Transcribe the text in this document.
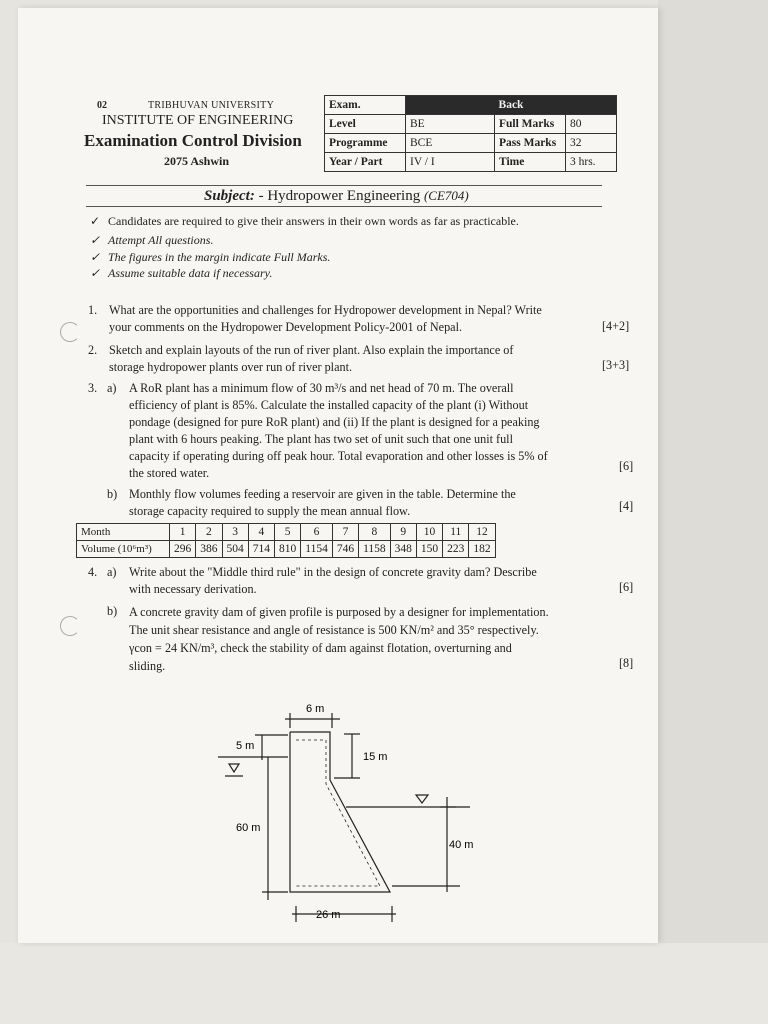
02	TRIBHUVAN UNIVERSITY
INSTITUTE OF ENGINEERING
Examination Control Division
2075 Ashwin
Exam.	Back		
Level	BE	Full Marks	80
Programme	BCE	Pass Marks	32
Year / Part	IV / I	Time	3 hrs.
Subject: - Hydropower Engineering (CE704)
✓ Candidates are required to give their answers in their own words as far as practicable.
✓ Attempt All questions.
✓ The figures in the margin indicate Full Marks.
✓ Assume suitable data if necessary.
1. What are the opportunities and challenges for Hydropower development in Nepal? Write
your comments on the Hydropower Development Policy-2001 of Nepal.	[4+2]
2. Sketch and explain layouts of the run of river plant. Also explain the importance of
storage hydropower plants over run of river plant.	[3+3]
3. a) A RoR plant has a minimum flow of 30 m³/s and net head of 70 m. The overall
efficiency of plant is 85%. Calculate the installed capacity of the plant (i) Without
pondage (designed for pure RoR plant) and (ii) If the plant is designed for a peaking
plant with 6 hours peaking. The plant has two set of unit such that one unit full
capacity if operating during off peak hour. Total evaporation and other losses is 5% of
the stored water.	[6]
b) Monthly flow volumes feeding a reservoir are given in the table. Determine the
storage capacity required to supply the mean annual flow.	[4]
Month	1	2	3	4	5	6	7	8	9	10	11	12
Volume (10⁶m³)	296	386	504	714	810	1154	746	1158	348	150	223	182
4. a) Write about the "Middle third rule" in the design of concrete gravity dam? Describe
with necessary derivation.	[6]
b) A concrete gravity dam of given profile is purposed by a designer for implementation.
The unit shear resistance and angle of resistance is 500 KN/m² and 35° respectively.
γcon = 24 KN/m³, check the stability of dam against flotation, overturning and
sliding.	[8]
6 m
5 m
15 m
60 m
40 m
26 m
